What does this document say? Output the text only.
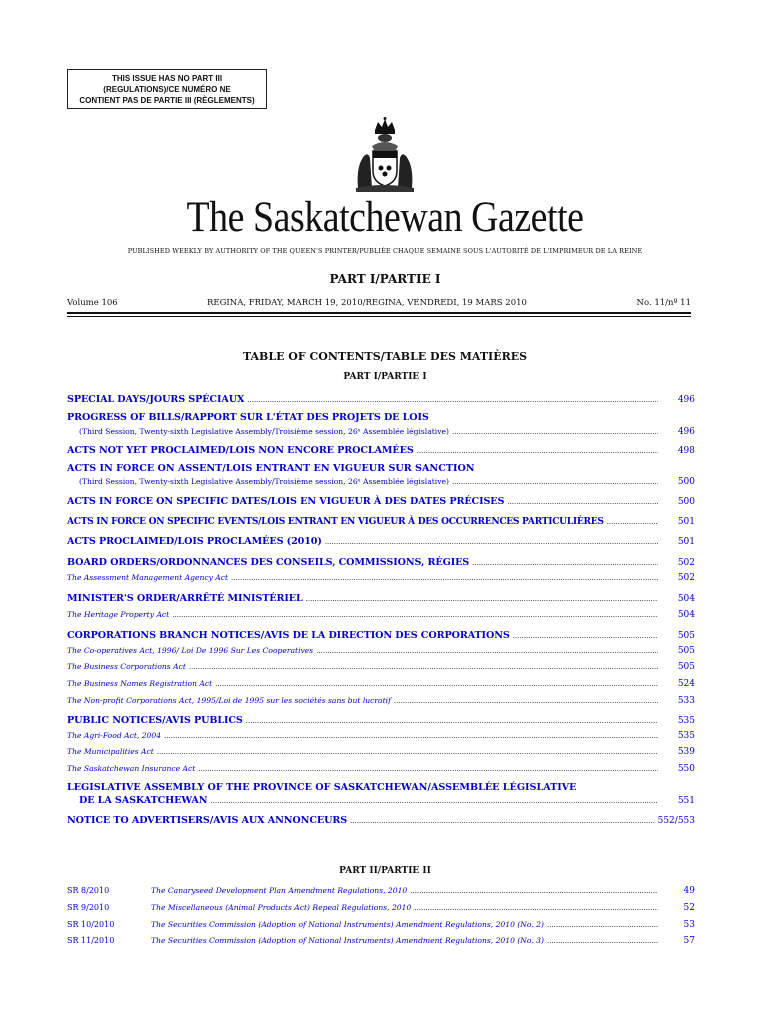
THIS ISSUE HAS NO PART III
(REGULATIONS)/CE NUMÉRO NE
CONTIENT PAS DE PARTIE III (RÈGLEMENTS)
The Saskatchewan Gazette
PUBLISHED WEEKLY BY AUTHORITY OF THE QUEEN'S PRINTER/PUBLIÉE CHAQUE SEMAINE SOUS L'AUTORITÉ DE L'IMPRIMEUR DE LA REINE
PART I/PARTIE I
Volume 106	REGINA, FRIDAY, MARCH 19, 2010/REGINA, VENDREDI, 19 MARS 2010	No. 11/nº 11
TABLE OF CONTENTS/TABLE DES MATIÈRES
PART I/PARTIE I
SPECIAL DAYS/JOURS SPÉCIAUX .....	496
PROGRESS OF BILLS/RAPPORT SUR L'ÉTAT DES PROJETS DE LOIS
(Third Session, Twenty-sixth Legislative Assembly/Troisième session, 26ᵉ Assemblée législative) .....	496
ACTS NOT YET PROCLAIMED/LOIS NON ENCORE PROCLAMÉES .....	498
ACTS IN FORCE ON ASSENT/LOIS ENTRANT EN VIGUEUR SUR SANCTION
(Third Session, Twenty-sixth Legislative Assembly/Troisième session, 26ᵉ Assemblée législative) .....	500
ACTS IN FORCE ON SPECIFIC DATES/LOIS EN VIGUEUR À DES DATES PRÉCISES .....	500
ACTS IN FORCE ON SPECIFIC EVENTS/LOIS ENTRANT EN VIGUEUR À DES OCCURRENCES PARTICULIÈRES .....	501
ACTS PROCLAIMED/LOIS PROCLAMÉES (2010) .....	501
BOARD ORDERS/ORDONNANCES DES CONSEILS, COMMISSIONS, RÉGIES .....	502
The Assessment Management Agency Act .....	502
MINISTER'S ORDER/ARRÊTÉ MINISTÉRIEL .....	504
The Heritage Property Act .....	504
CORPORATIONS BRANCH NOTICES/AVIS DE LA DIRECTION DES CORPORATIONS .....	505
The Co-operatives Act, 1996/ Loi De 1996 Sur Les Cooperatives .....	505
The Business Corporations Act .....	505
The Business Names Registration Act .....	524
The Non-profit Corporations Act, 1995/Loi de 1995 sur les sociétés sans but lucratif .....	533
PUBLIC NOTICES/AVIS PUBLICS .....	535
The Agri-Food Act, 2004 .....	535
The Municipalities Act .....	539
The Saskatchewan Insurance Act .....	550
LEGISLATIVE ASSEMBLY OF THE PROVINCE OF SASKATCHEWAN/ASSEMBLÉE LÉGISLATIVE
DE LA SASKATCHEWAN .....	551
NOTICE TO ADVERTISERS/AVIS AUX ANNONCEURS .....	552/553
PART II/PARTIE II
SR 8/2010	The Canaryseed Development Plan Amendment Regulations, 2010 .....	49
SR 9/2010	The Miscellaneous (Animal Products Act) Repeal Regulations, 2010 .....	52
SR 10/2010	The Securities Commission (Adoption of National Instruments) Amendment Regulations, 2010 (No. 2) .....	53
SR 11/2010	The Securities Commission (Adoption of National Instruments) Amendment Regulations, 2010 (No. 3) .....	57
